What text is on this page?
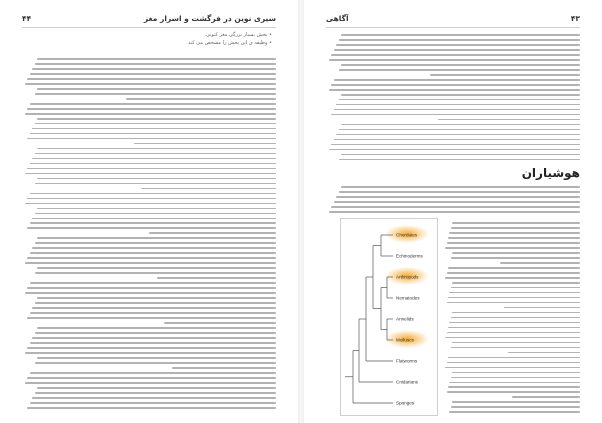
۴۴	سیری نوین در فرگشت و اسرار مغز
• بخش بسیار بزرگی مغز کنونی
• وظیفه ی این بخش را مشخص می کند
آگاهی	۴۳
هوشیاران
Chordates
Echinoderms
Arthropods
Nematodes
Annelids
Molluscs
Flatworms
Cnidarians
Sponges
